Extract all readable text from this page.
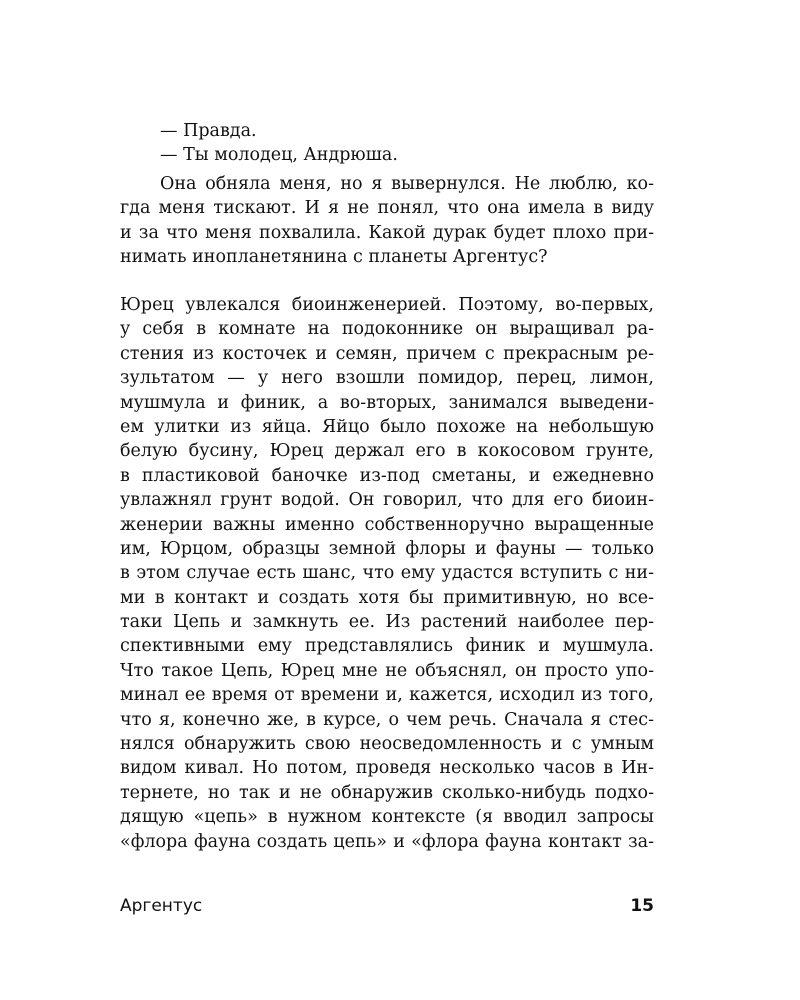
— Правда.
— Ты молодец, Андрюша.
Она обняла меня, но я вывернулся. Не люблю, ко-
гда меня тискают. И я не понял, что она имела в виду
и за что меня похвалила. Какой дурак будет плохо при-
нимать инопланетянина с планеты Аргентус?
Юрец увлекался биоинженерией. Поэтому, во-первых,
у себя в комнате на подоконнике он выращивал ра-
стения из косточек и семян, причем с прекрасным ре-
зультатом — у него взошли помидор, перец, лимон,
мушмула и финик, а во-вторых, занимался выведени-
ем улитки из яйца. Яйцо было похоже на небольшую
белую бусину, Юрец держал его в кокосовом грунте,
в пластиковой баночке из-под сметаны, и ежедневно
увлажнял грунт водой. Он говорил, что для его биоин-
женерии важны именно собственноручно выращенные
им, Юрцом, образцы земной флоры и фауны — только
в этом случае есть шанс, что ему удастся вступить с ни-
ми в контакт и создать хотя бы примитивную, но все-
таки Цепь и замкнуть ее. Из растений наиболее пер-
спективными ему представлялись финик и мушмула.
Что такое Цепь, Юрец мне не объяснял, он просто упо-
минал ее время от времени и, кажется, исходил из того,
что я, конечно же, в курсе, о чем речь. Сначала я стес-
нялся обнаружить свою неосведомленность и с умным
видом кивал. Но потом, проведя несколько часов в Ин-
тернете, но так и не обнаружив сколько-нибудь подхо-
дящую «цепь» в нужном контексте (я вводил запросы
«флора фауна создать цепь» и «флора фауна контакт за-
Аргентус	15
